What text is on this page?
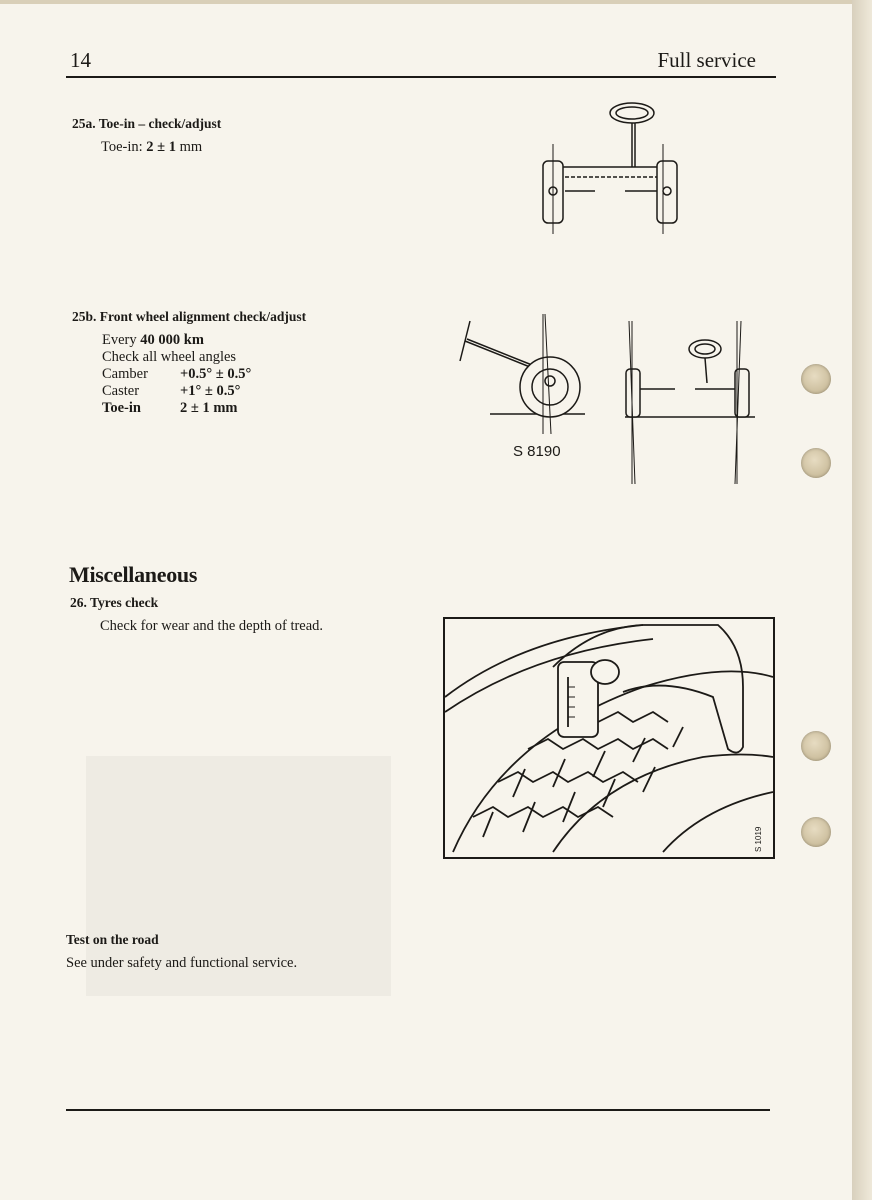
14	Full service
25a. Toe-in – check/adjust
Toe-in: 2 ± 1 mm
25b. Front wheel alignment check/adjust
Every 40 000 km
Check all wheel angles
Camber +0.5° ± 0.5°
Caster	+1° ± 0.5°
Toe-in	2 ± 1 mm
S 8190
Miscellaneous
26. Tyres check
Check for wear and the depth of tread.
S 1019
Test on the road
See under safety and functional service.
